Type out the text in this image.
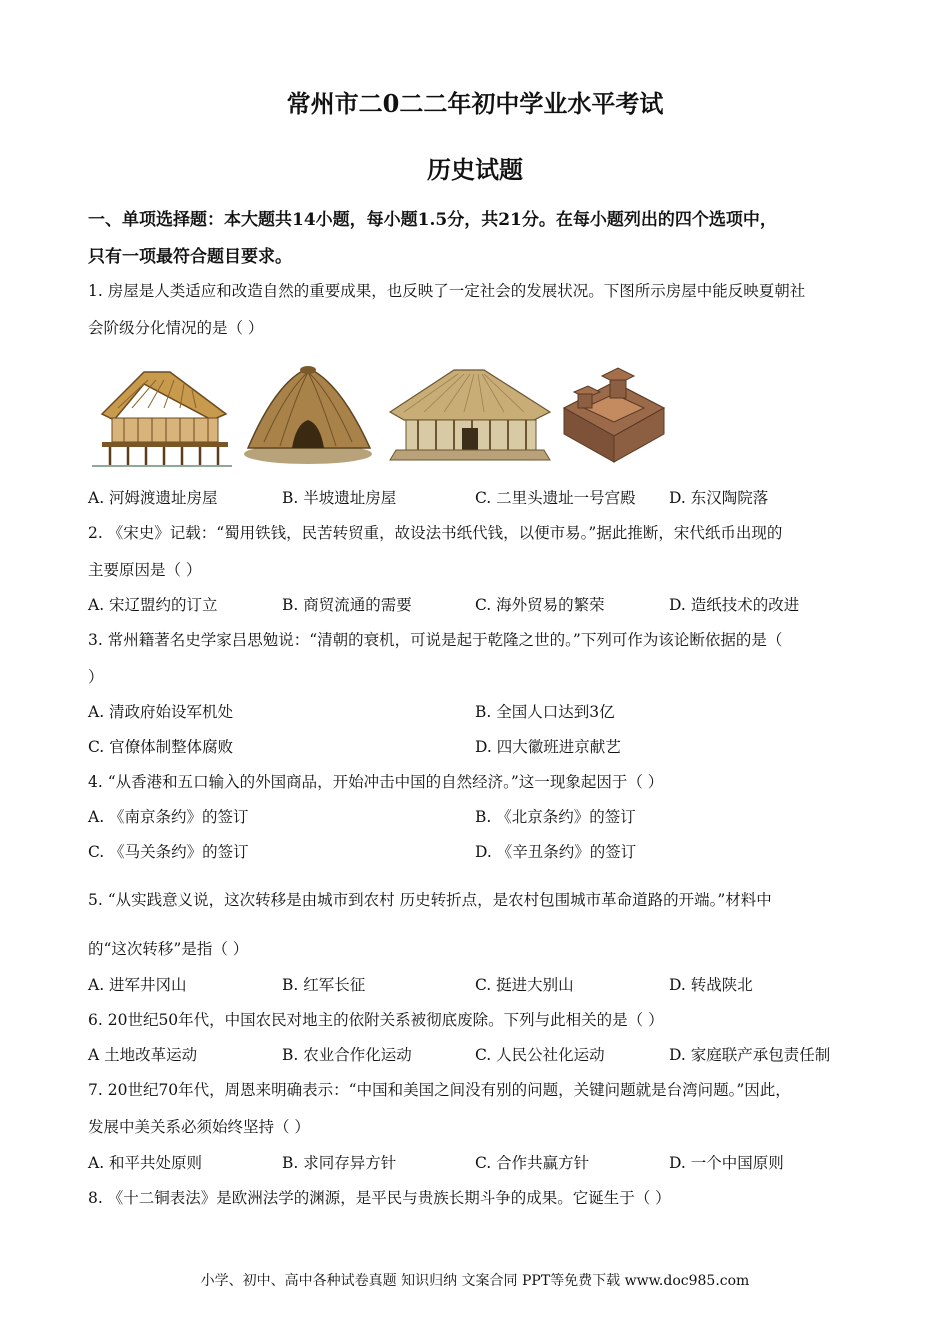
常州市二0二二年初中学业水平考试
历史试题
一、单项选择题：本大题共14小题，每小题1.5分，共21分。在每小题列出的四个选项中，
只有一项最符合题目要求。
1. 房屋是人类适应和改造自然的重要成果，也反映了一定社会的发展状况。下图所示房屋中能反映夏朝社
会阶级分化情况的是（ ）
A. 河姆渡遗址房屋	B. 半坡遗址房屋	C. 二里头遗址一号宫殿 D. 东汉陶院落
2. 《宋史》记载：“蜀用铁钱，民苦转贸重，故设法书纸代钱，以便市易。”据此推断，宋代纸币出现的
主要原因是（ ）
A. 宋辽盟约的订立	B. 商贸流通的需要	C. 海外贸易的繁荣	D. 造纸技术的改进
3. 常州籍著名史学家吕思勉说：“清朝的衰机，可说是起于乾隆之世的。”下列可作为该论断依据的是（
）
A. 清政府始设军机处	B. 全国人口达到3亿
C. 官僚体制整体腐败	D. 四大徽班进京献艺
4. “从香港和五口输入的外国商品，开始冲击中国的自然经济。”这一现象起因于（ ）
A. 《南京条约》的签订	B. 《北京条约》的签订
C. 《马关条约》的签订	D. 《辛丑条约》的签订
5. “从实践意义说，这次转移是由城市到农村 历史转折点，是农村包围城市革命道路的开端。”材料中
的“这次转移”是指（ ）
A. 进军井冈山	B. 红军长征	C. 挺进大别山	D. 转战陕北
6. 20世纪50年代，中国农民对地主的依附关系被彻底废除。下列与此相关的是（ ）
A 土地改革运动	B. 农业合作化运动	C. 人民公社化运动	D. 家庭联产承包责任制
7. 20世纪70年代，周恩来明确表示：“中国和美国之间没有别的问题，关键问题就是台湾问题。”因此，
发展中美关系必须始终坚持（ ）
A. 和平共处原则	B. 求同存异方针	C. 合作共赢方针	D. 一个中国原则
8. 《十二铜表法》是欧洲法学的渊源，是平民与贵族长期斗争的成果。它诞生于（ ）
小学、初中、高中各种试卷真题 知识归纳 文案合同 PPT等免费下载 www.doc985.com
